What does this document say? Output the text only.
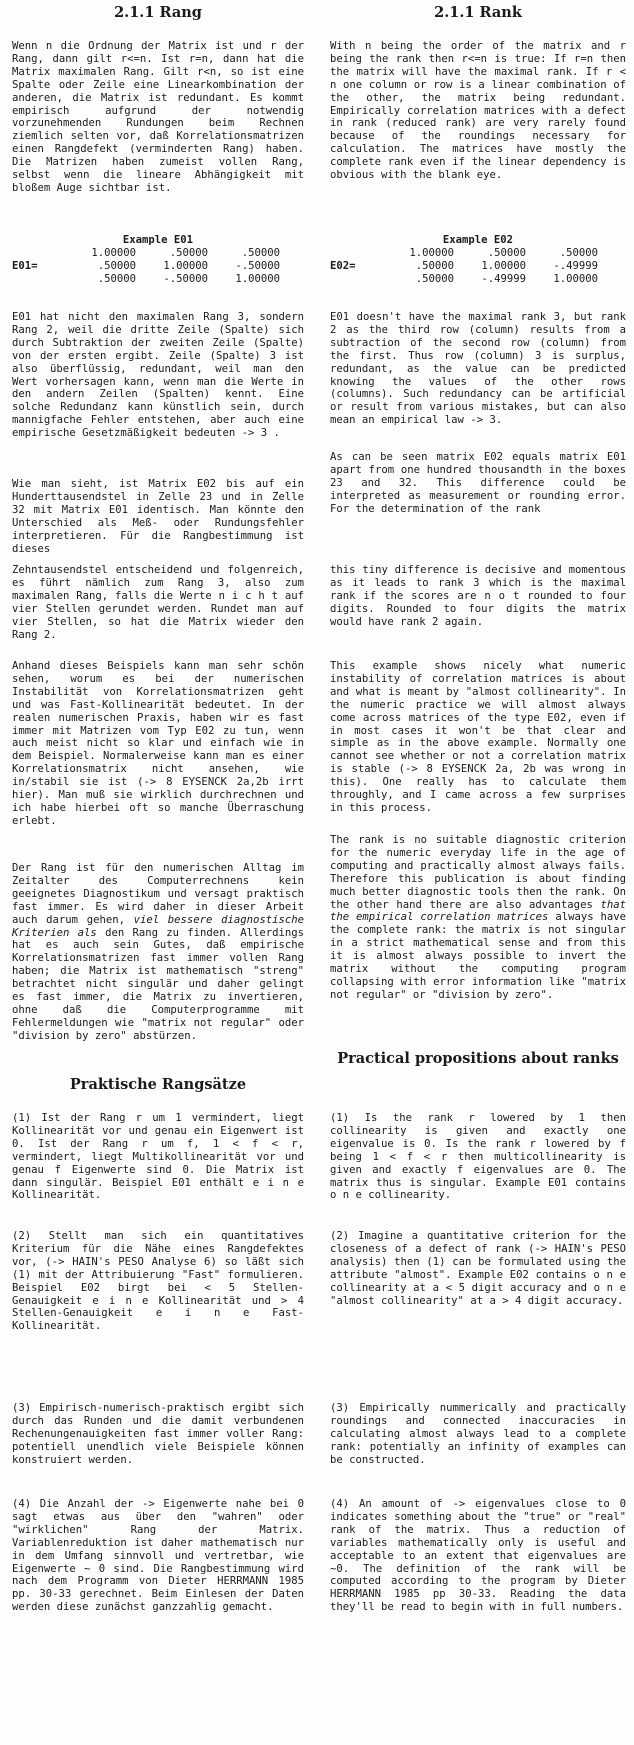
2.1.1 Rang

Wenn n die Ordnung der Matrix ist und r der Rang, dann gilt r<=n. Ist r=n, dann hat die Matrix maximalen Rang. Gilt r<n, so ist eine Spalte oder Zeile eine Linearkombination der anderen, die Matrix ist redundant. Es kommt empirisch aufgrund der notwendig vorzunehmenden Rundungen beim Rechnen ziemlich selten vor, daß Korrelationsmatrizen einen Rangdefekt (verminderten Rang) haben. Die Matrizen haben zumeist vollen Rang, selbst wenn die lineare Abhängigkeit mit bloßem Auge sichtbar ist.

Example E01
E01=
1.00000	.50000	.50000
.50000	1.00000	-.50000
.50000	-.50000	1.00000

E01 hat nicht den maximalen Rang 3, sondern Rang 2, weil die dritte Zeile (Spalte) sich durch Subtraktion der zweiten Zeile (Spalte) von der ersten ergibt. Zeile (Spalte) 3 ist also überflüssig, redundant, weil man den Wert vorhersagen kann, wenn man die Werte in den andern Zeilen (Spalten) kennt. Eine solche Redundanz kann künstlich sein, durch mannigfache Fehler entstehen, aber auch eine empirische Gesetzmäßigkeit bedeuten -> 3 .

Wie man sieht, ist Matrix E02 bis auf ein Hunderttausendstel in Zelle 23 und in Zelle 32 mit Matrix E01 identisch. Man könnte den Unterschied als Meß- oder Rundungsfehler interpretieren. Für die Rangbestimmung ist dieses

Zehntausendstel entscheidend und folgenreich, es führt nämlich zum Rang 3, also zum maximalen Rang, falls die Werte n i c h t auf vier Stellen gerundet werden. Rundet man auf vier Stellen, so hat die Matrix wieder den Rang 2.

Anhand dieses Beispiels kann man sehr schön sehen, worum es bei der numerischen Instabilität von Korrelationsmatrizen geht und was Fast-Kollinearität bedeutet. In der realen numerischen Praxis, haben wir es fast immer mit Matrizen vom Typ E02 zu tun, wenn auch meist nicht so klar und einfach wie in dem Beispiel. Normalerweise kann man es einer Korrelationsmatrix nicht ansehen, wie in/stabil sie ist (-> 8 EYSENCK 2a,2b irrt hier). Man muß sie wirklich durchrechnen und ich habe hierbei oft so manche Überraschung erlebt.

Der Rang ist für den numerischen Alltag im Zeitalter des Computerrechnens kein geeignetes Diagnostikum und versagt praktisch fast immer. Es wird daher in dieser Arbeit auch darum gehen, viel bessere diagnostische Kriterien als den Rang zu finden. Allerdings hat es auch sein Gutes, daß empirische Korrelationsmatrizen fast immer vollen Rang haben; die Matrix ist mathematisch "streng" betrachtet nicht singulär und daher gelingt es fast immer, die Matrix zu invertieren, ohne daß die Computerprogramme mit Fehlermeldungen wie "matrix not regular" oder "division by zero" abstürzen.

Praktische Rangsätze

(1) Ist der Rang r um 1 vermindert, liegt Kollinearität vor und genau ein Eigenwert ist 0. Ist der Rang r um f, 1 < f < r, vermindert, liegt Multikollinearität vor und genau f Eigenwerte sind 0. Die Matrix ist dann singulär. Beispiel E01 enthält e i n e Kollinearität.

(2) Stellt man sich ein quantitatives Kriterium für die Nähe eines Rangdefektes vor, (-> HAIN's PESO Analyse 6) so läßt sich (1) mit der Attribuierung "Fast" formulieren. Beispiel E02 birgt bei < 5 Stellen-Genauigkeit e i n e Kollinearität und > 4 Stellen-Genauigkeit e i n e Fast-Kollinearität.

(3) Empirisch-numerisch-praktisch ergibt sich durch das Runden und die damit verbundenen Rechenungenauigkeiten fast immer voller Rang: potentiell unendlich viele Beispiele können konstruiert werden.

(4) Die Anzahl der -> Eigenwerte nahe bei 0 sagt etwas aus über den "wahren" oder "wirklichen" Rang der Matrix. Variablenreduktion ist daher mathematisch nur in dem Umfang sinnvoll und vertretbar, wie Eigenwerte ~ 0 sind. Die Rangbestimmung wird nach dem Programm von Dieter HERRMANN 1985 pp. 30-33 gerechnet. Beim Einlesen der Daten werden diese zunächst ganzzahlig gemacht.

2.1.1 Rank

With n being the order of the matrix and r being the rank then r<=n is true: If r=n then the matrix will have the maximal rank. If r < n one column or row is a linear combination of the other, the matrix being redundant. Empirically correlation matrices with a defect in rank (reduced rank) are very rarely found because of the roundings necessary for calculation. The matrices have mostly the complete rank even if the linear dependency is obvious with the blank eye.

Example E02
E02=
1.00000	.50000	.50000
.50000	1.00000	-.49999
.50000	-.49999	1.00000

E01 doesn't have the maximal rank 3, but rank 2 as the third row (column) results from a subtraction of the second row (column) from the first. Thus row (column) 3 is surplus, redundant, as the value can be predicted knowing the values of the other rows (columns). Such redundancy can be artificial or result from various mistakes, but can also mean an empirical law -> 3.

As can be seen matrix E02 equals matrix E01 apart from one hundred thousandth in the boxes 23 and 32. This difference could be interpreted as measurement or rounding error. For the determination of the rank

this tiny difference is decisive and momentous as it leads to rank 3 which is the maximal rank if the scores are n o t rounded to four digits. Rounded to four digits the matrix would have rank 2 again.

This example shows nicely what numeric instability of correlation matrices is about and what is meant by "almost collinearity". In the numeric practice we will almost always come across matrices of the type E02, even if in most cases it won't be that clear and simple as in the above example. Normally one cannot see whether or not a correlation matrix is stable (-> 8 EYSENCK 2a, 2b was wrong in this). One really has to calculate them throughly, and I came across a few surprises in this process.

The rank is no suitable diagnostic criterion for the numeric everyday life in the age of computing and practically almost always fails. Therefore this publication is about finding much better diagnostic tools then the rank. On the other hand there are also advantages that the empirical correlation matrices always have the complete rank: the matrix is not singular in a strict mathematical sense and from this it is almost always possible to invert the matrix without the computing program collapsing with error information like "matrix not regular" or "division by zero".

Practical propositions about ranks

(1) Is the rank r lowered by 1 then collinearity is given and exactly one eigenvalue is 0. Is the rank r lowered by f being 1 < f < r then multicollinearity is given and exactly f eigenvalues are 0. The matrix thus is singular. Example E01 contains o n e collinearity.

(2) Imagine a quantitative criterion for the closeness of a defect of rank (-> HAIN's PESO analysis) then (1) can be formulated using the attribute "almost". Example E02 contains o n e collinearity at a < 5 digit accuracy and o n e "almost collinearity" at a > 4 digit accuracy.

(3) Empirically nummerically and practically roundings and connected inaccuracies in calculating almost always lead to a complete rank: potentially an infinity of examples can be constructed.

(4) An amount of -> eigenvalues close to 0 indicates something about the "true" or "real" rank of the matrix. Thus a reduction of variables mathematically only is useful and acceptable to an extent that eigenvalues are ~0. The definition of the rank will be computed according to the program by Dieter HERRMANN 1985 pp 30-33. Reading the data they'll be read to begin with in full numbers.
